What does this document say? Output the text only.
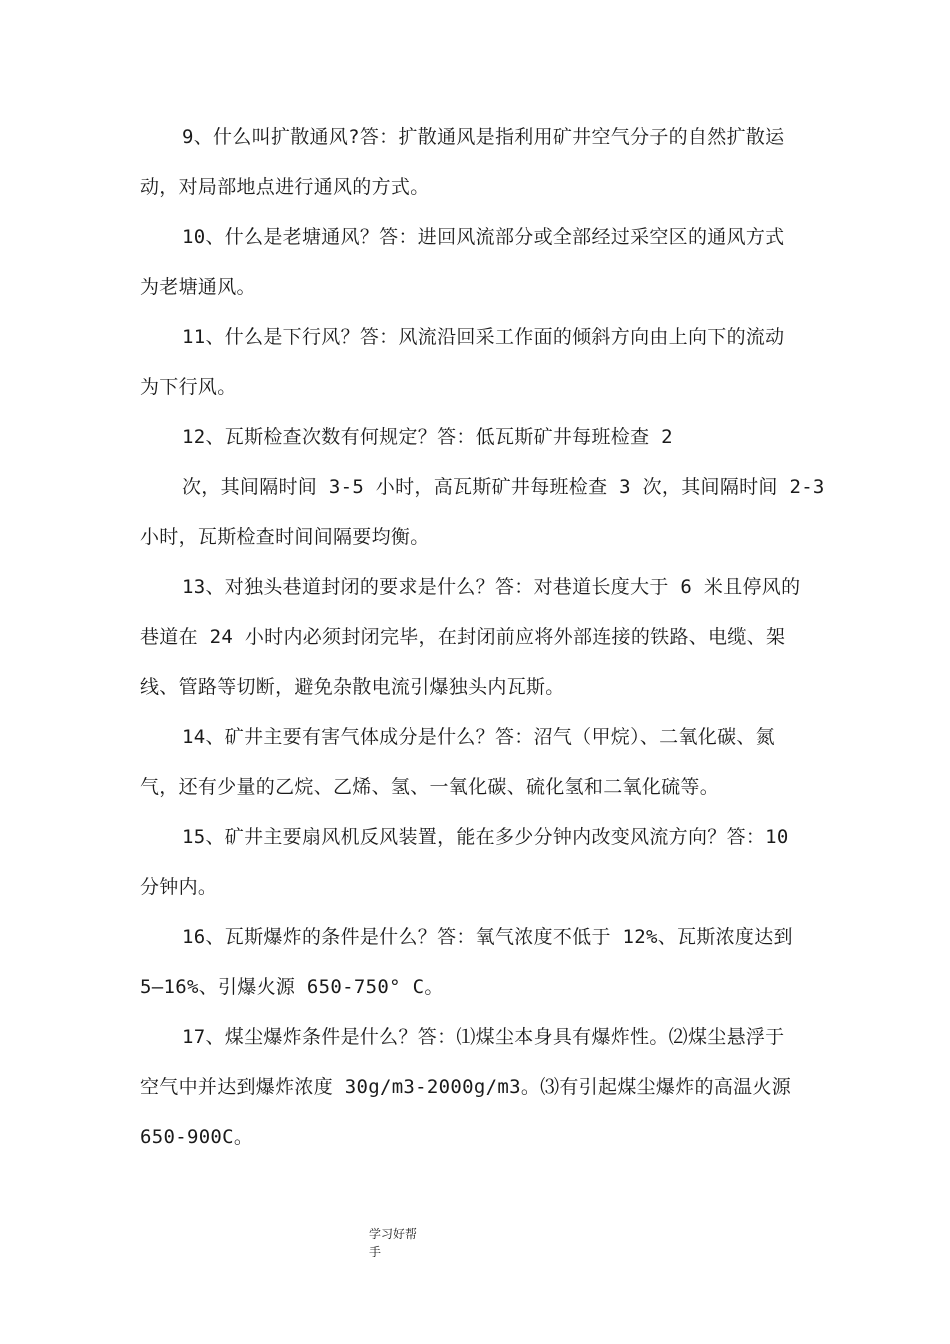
9、什么叫扩散通风?答：扩散通风是指利用矿井空气分子的自然扩散运
动，对局部地点进行通风的方式。
10、什么是老塘通风？答：进回风流部分或全部经过采空区的通风方式
为老塘通风。
11、什么是下行风？答：风流沿回采工作面的倾斜方向由上向下的流动
为下行风。
12、瓦斯检查次数有何规定？答：低瓦斯矿井每班检查 2
次，其间隔时间 3-5 小时，高瓦斯矿井每班检查 3 次，其间隔时间 2-3
小时，瓦斯检查时间间隔要均衡。
13、对独头巷道封闭的要求是什么？答：对巷道长度大于 6 米且停风的
巷道在 24 小时内必须封闭完毕，在封闭前应将外部连接的铁路、电缆、架
线、管路等切断，避免杂散电流引爆独头内瓦斯。
14、矿井主要有害气体成分是什么？答：沼气（甲烷）、二氧化碳、氮
气，还有少量的乙烷、乙烯、氢、一氧化碳、硫化氢和二氧化硫等。
15、矿井主要扇风机反风装置，能在多少分钟内改变风流方向？答：10
分钟内。
16、瓦斯爆炸的条件是什么？答：氧气浓度不低于 12%、瓦斯浓度达到
5—16%、引爆火源 650-750° C。
17、煤尘爆炸条件是什么？答：⑴煤尘本身具有爆炸性。⑵煤尘悬浮于
空气中并达到爆炸浓度 30g/m3-2000g/m3。⑶有引起煤尘爆炸的高温火源
650-900C。
学习好帮
手
